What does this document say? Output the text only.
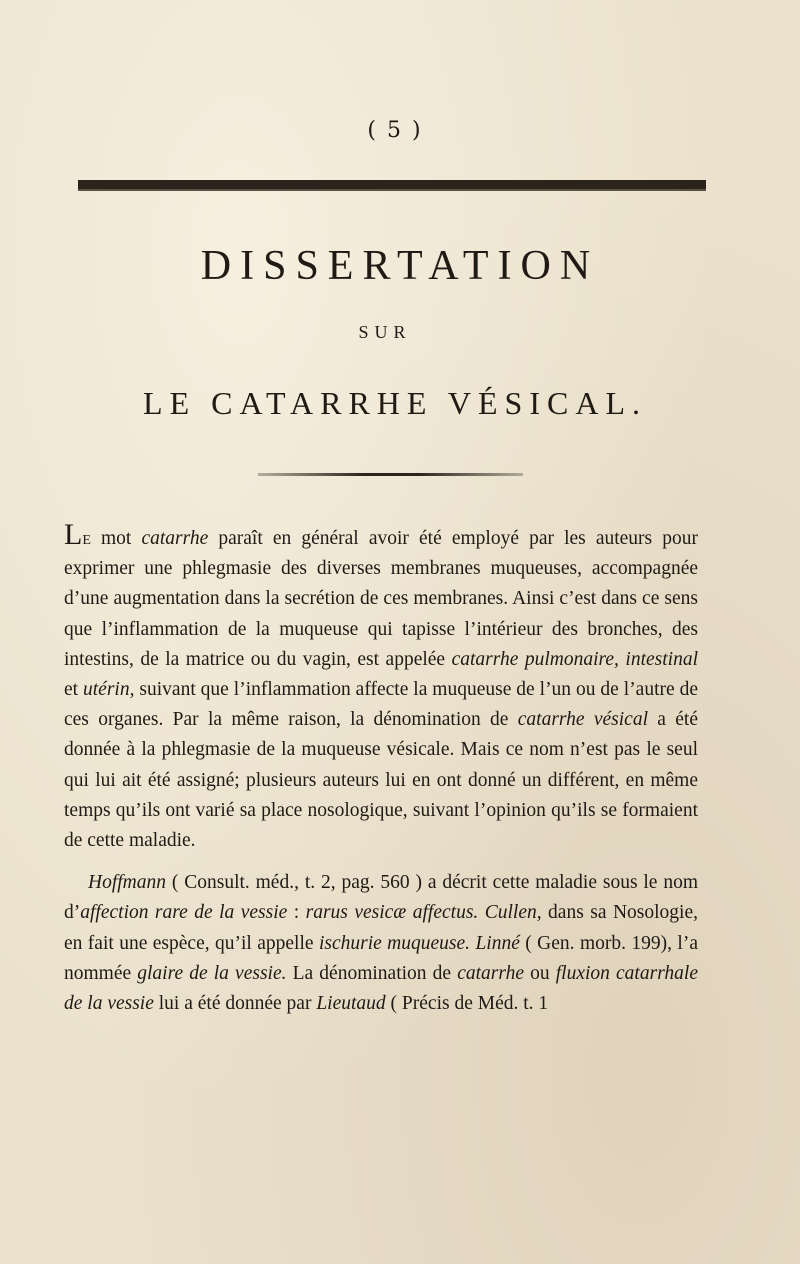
( 5 )
DISSERTATION
SUR
LE CATARRHE VÉSICAL.

Le mot catarrhe paraît en général avoir été employé par les auteurs pour exprimer une phlegmasie des diverses membranes muqueuses, accompagnée d’une augmentation dans la secrétion de ces membranes. Ainsi c’est dans ce sens que l’inflammation de la muqueuse qui tapisse l’intérieur des bronches, des intestins, de la matrice ou du vagin, est appelée catarrhe pulmonaire, intestinal et utérin, suivant que l’inflammation affecte la muqueuse de l’un ou de l’autre de ces organes. Par la même raison, la dénomination de catarrhe vésical a été donnée à la phlegmasie de la muqueuse vésicale. Mais ce nom n’est pas le seul qui lui ait été assigné; plusieurs auteurs lui en ont donné un différent, en même temps qu’ils ont varié sa place nosologique, suivant l’opinion qu’ils se formaient de cette maladie.

Hoffmann ( Consult. méd., t. 2, pag. 560 ) a décrit cette maladie sous le nom d’affection rare de la vessie : rarus vesicæ affectus. Cullen, dans sa Nosologie, en fait une espèce, qu’il appelle ischurie muqueuse. Linné ( Gen. morb. 199), l’a nommée glaire de la vessie. La dénomination de catarrhe ou fluxion catarrhale de la vessie lui a été donnée par Lieutaud ( Précis de Méd. t. 1
